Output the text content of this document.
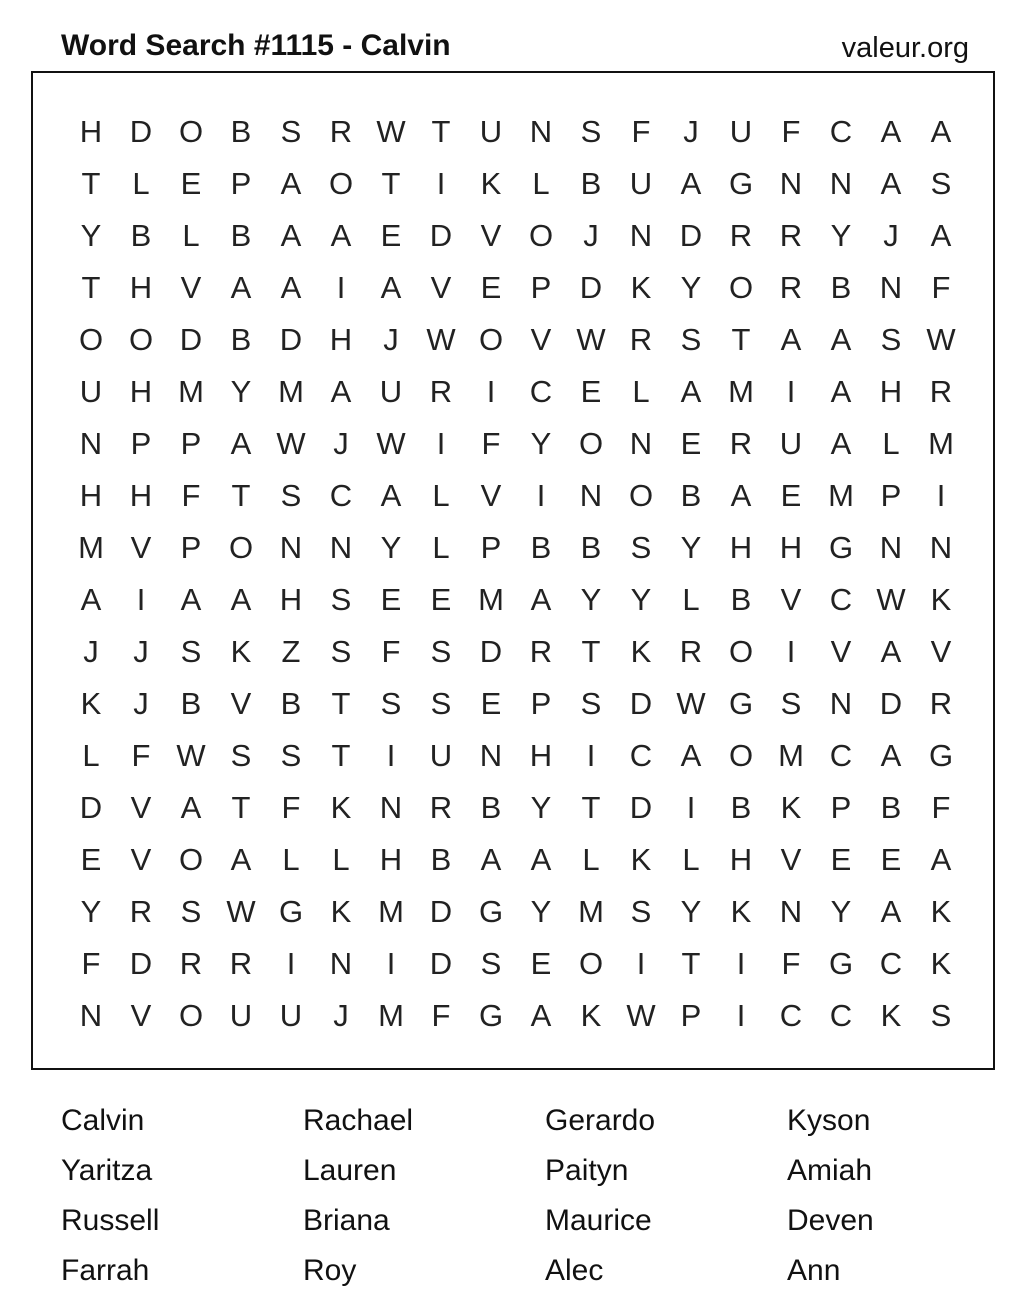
Word Search #1115 - Calvin	valeur.org
H D O B S R W T U N S F	J	U F C A A
T	L	E P A O T	I	K	L	B U A G N N A S
Y B	L	B A A E D V O J	N D R R Y	J	A
T H V A A	I	A V E P D K Y O R B N F
O O D B D H	J W O V W R S T A A S W
U H M Y M A U R	I	C E	L	A M	I	A H R
N P P A W J W	I	F Y O N E R U A	L M
H H F	T S C A	L	V	I	N O B A E M P	I
M V P O N N Y	L	P B B S Y H H G N N
A	I	A A H S E E M A Y Y	L	B V C W K
J	J	S K Z S F S D R T K R O	I	V A V
K	J	B V B T S S E P S D W G S N D R
L	F W S S T	I	U N H	I	C A O M C A G
D V A T	F K N R B Y T D	I	B K P B F
E V O A	L	L H B A A	L	K	L H V E E A
Y R S W G K M D G Y M S Y K N Y A K
F D R R	I	N	I	D S E O	I	T	I	F G C K
N V O U U	J M F G A K W P	I	C C K S
Calvin	Rachael	Gerardo	Kyson
Yaritza	Lauren	Paityn	Amiah
Russell	Briana	Maurice	Deven
Farrah	Roy	Alec	Ann
